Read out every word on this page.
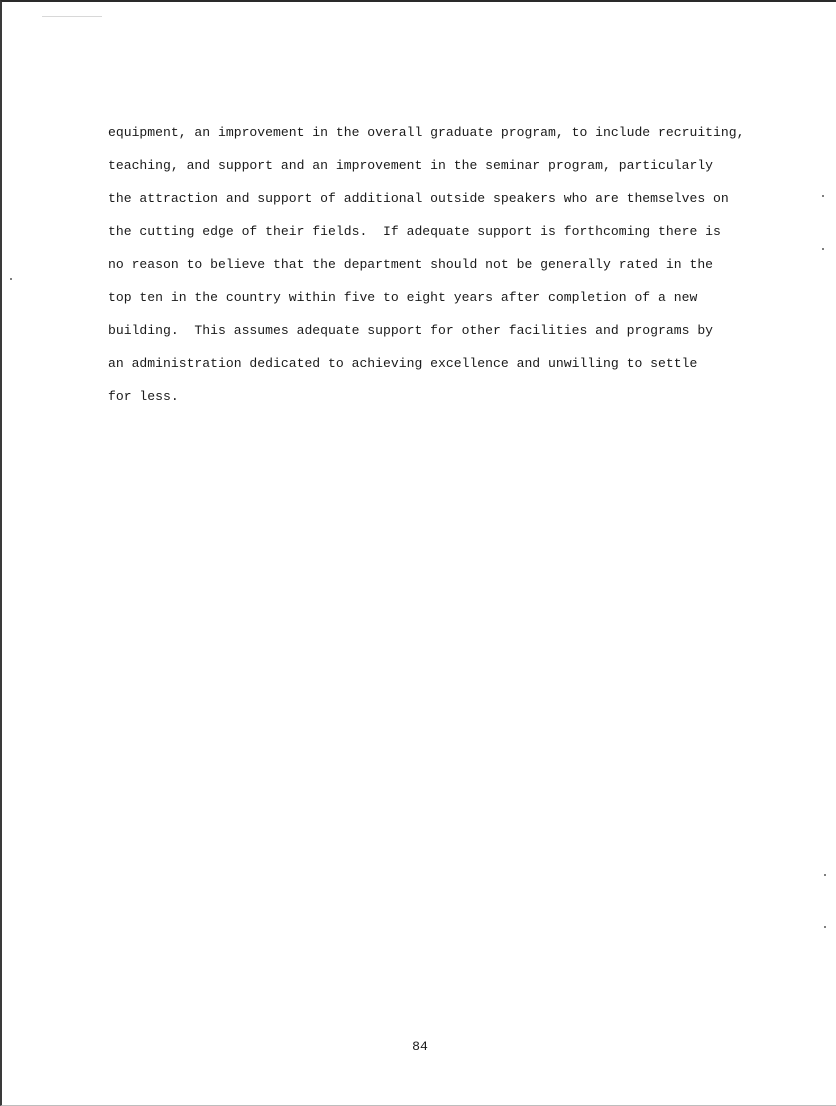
equipment, an improvement in the overall graduate program, to include recruiting,
teaching, and support and an improvement in the seminar program, particularly
the attraction and support of additional outside speakers who are themselves on
the cutting edge of their fields.  If adequate support is forthcoming there is
no reason to believe that the department should not be generally rated in the
top ten in the country within five to eight years after completion of a new
building.  This assumes adequate support for other facilities and programs by
an administration dedicated to achieving excellence and unwilling to settle
for less.

84
